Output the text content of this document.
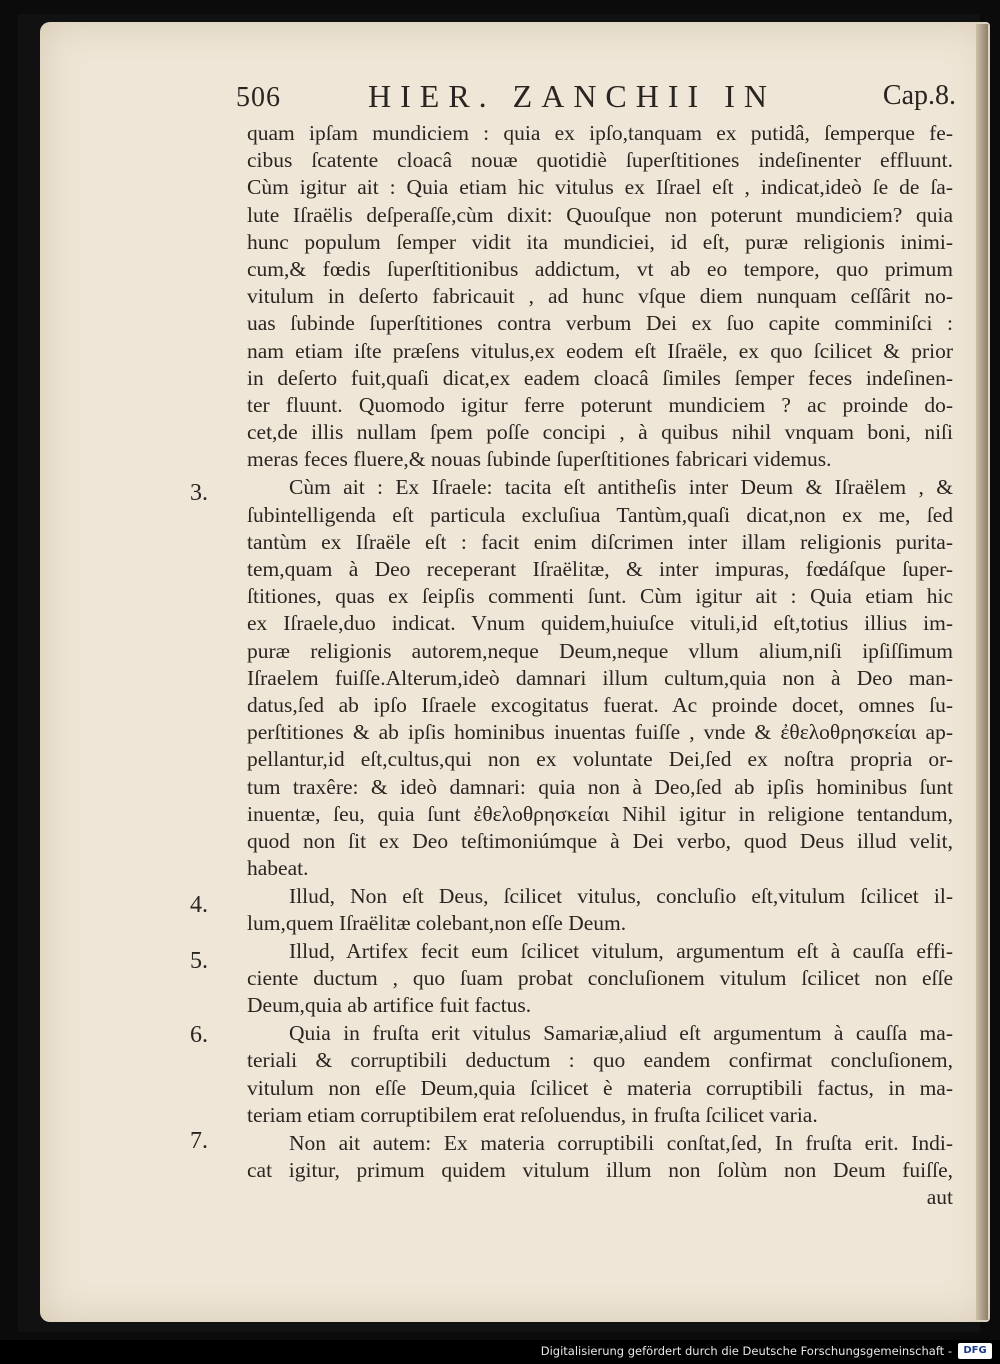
506	HIER. ZANCHII IN	Cap.8.
3.
4.
5.
6.
7.
quam ipſam mundiciem : quia ex ipſo,tanquam ex putidâ, ſemperque fe-
cibus ſcatente cloacâ nouæ quotidiè ſuperſtitiones indeſinenter effluunt.
Cùm igitur ait : Quia etiam hic vitulus ex Iſrael eſt , indicat,ideò ſe de ſa-
lute Iſraëlis deſperaſſe,cùm dixit: Quouſque non poterunt mundiciem? quia
hunc populum ſemper vidit ita mundiciei, id eſt, puræ religionis inimi-
cum,& fœdis ſuperſtitionibus addictum, vt ab eo tempore, quo primum
vitulum in deſerto fabricauit , ad hunc vſque diem nunquam ceſſârit no-
uas ſubinde ſuperſtitiones contra verbum Dei ex ſuo capite comminiſci :
nam etiam iſte præſens vitulus,ex eodem eſt Iſraële, ex quo ſcilicet & prior
in deſerto fuit,quaſi dicat,ex eadem cloacâ ſimiles ſemper feces indeſinen-
ter fluunt. Quomodo igitur ferre poterunt mundiciem ? ac proinde do-
cet,de illis nullam ſpem poſſe concipi , à quibus nihil vnquam boni, niſi
meras feces fluere,& nouas ſubinde ſuperſtitiones fabricari videmus.
Cùm ait : Ex Iſraele: tacita eſt antitheſis inter Deum & Iſraëlem , &
ſubintelligenda eſt particula excluſiua Tantùm,quaſi dicat,non ex me, ſed
tantùm ex Iſraële eſt : facit enim diſcrimen inter illam religionis purita-
tem,quam à Deo receperant Iſraëlitæ, & inter impuras, fœdáſque ſuper-
ſtitiones, quas ex ſeipſis commenti ſunt. Cùm igitur ait : Quia etiam hic
ex Iſraele,duo indicat. Vnum quidem,huiuſce vituli,id eſt,totius illius im-
puræ religionis autorem,neque Deum,neque vllum alium,niſi ipſiſſimum
Iſraelem fuiſſe.Alterum,ideò damnari illum cultum,quia non à Deo man-
datus,ſed ab ipſo Iſraele excogitatus fuerat. Ac proinde docet, omnes ſu-
perſtitiones & ab ipſis hominibus inuentas fuiſſe , vnde & ἐθελοθρησκείαι ap-
pellantur,id eſt,cultus,qui non ex voluntate Dei,ſed ex noſtra propria or-
tum traxêre: & ideò damnari: quia non à Deo,ſed ab ipſis hominibus ſunt
inuentæ, ſeu, quia ſunt ἐθελοθρησκείαι Nihil igitur in religione tentandum,
quod non ſit ex Deo teſtimoniúmque à Dei verbo, quod Deus illud velit,
habeat.
Illud, Non eſt Deus, ſcilicet vitulus, concluſio eſt,vitulum ſcilicet il-
lum,quem Iſraëlitæ colebant,non eſſe Deum.
Illud, Artifex fecit eum ſcilicet vitulum, argumentum eſt à cauſſa effi-
ciente ductum , quo ſuam probat concluſionem vitulum ſcilicet non eſſe
Deum,quia ab artifice fuit factus.
Quia in fruſta erit vitulus Samariæ,aliud eſt argumentum à cauſſa ma-
teriali & corruptibili deductum : quo eandem confirmat concluſionem,
vitulum non eſſe Deum,quia ſcilicet è materia corruptibili factus, in ma-
teriam etiam corruptibilem erat reſoluendus, in fruſta ſcilicet varia.
Non ait autem: Ex materia corruptibili conſtat,ſed, In fruſta erit. Indi-
cat igitur, primum quidem vitulum illum non ſolùm non Deum fuiſſe,
aut
Digitalisierung gefördert durch die Deutsche Forschungsgemeinschaft -	DFG
